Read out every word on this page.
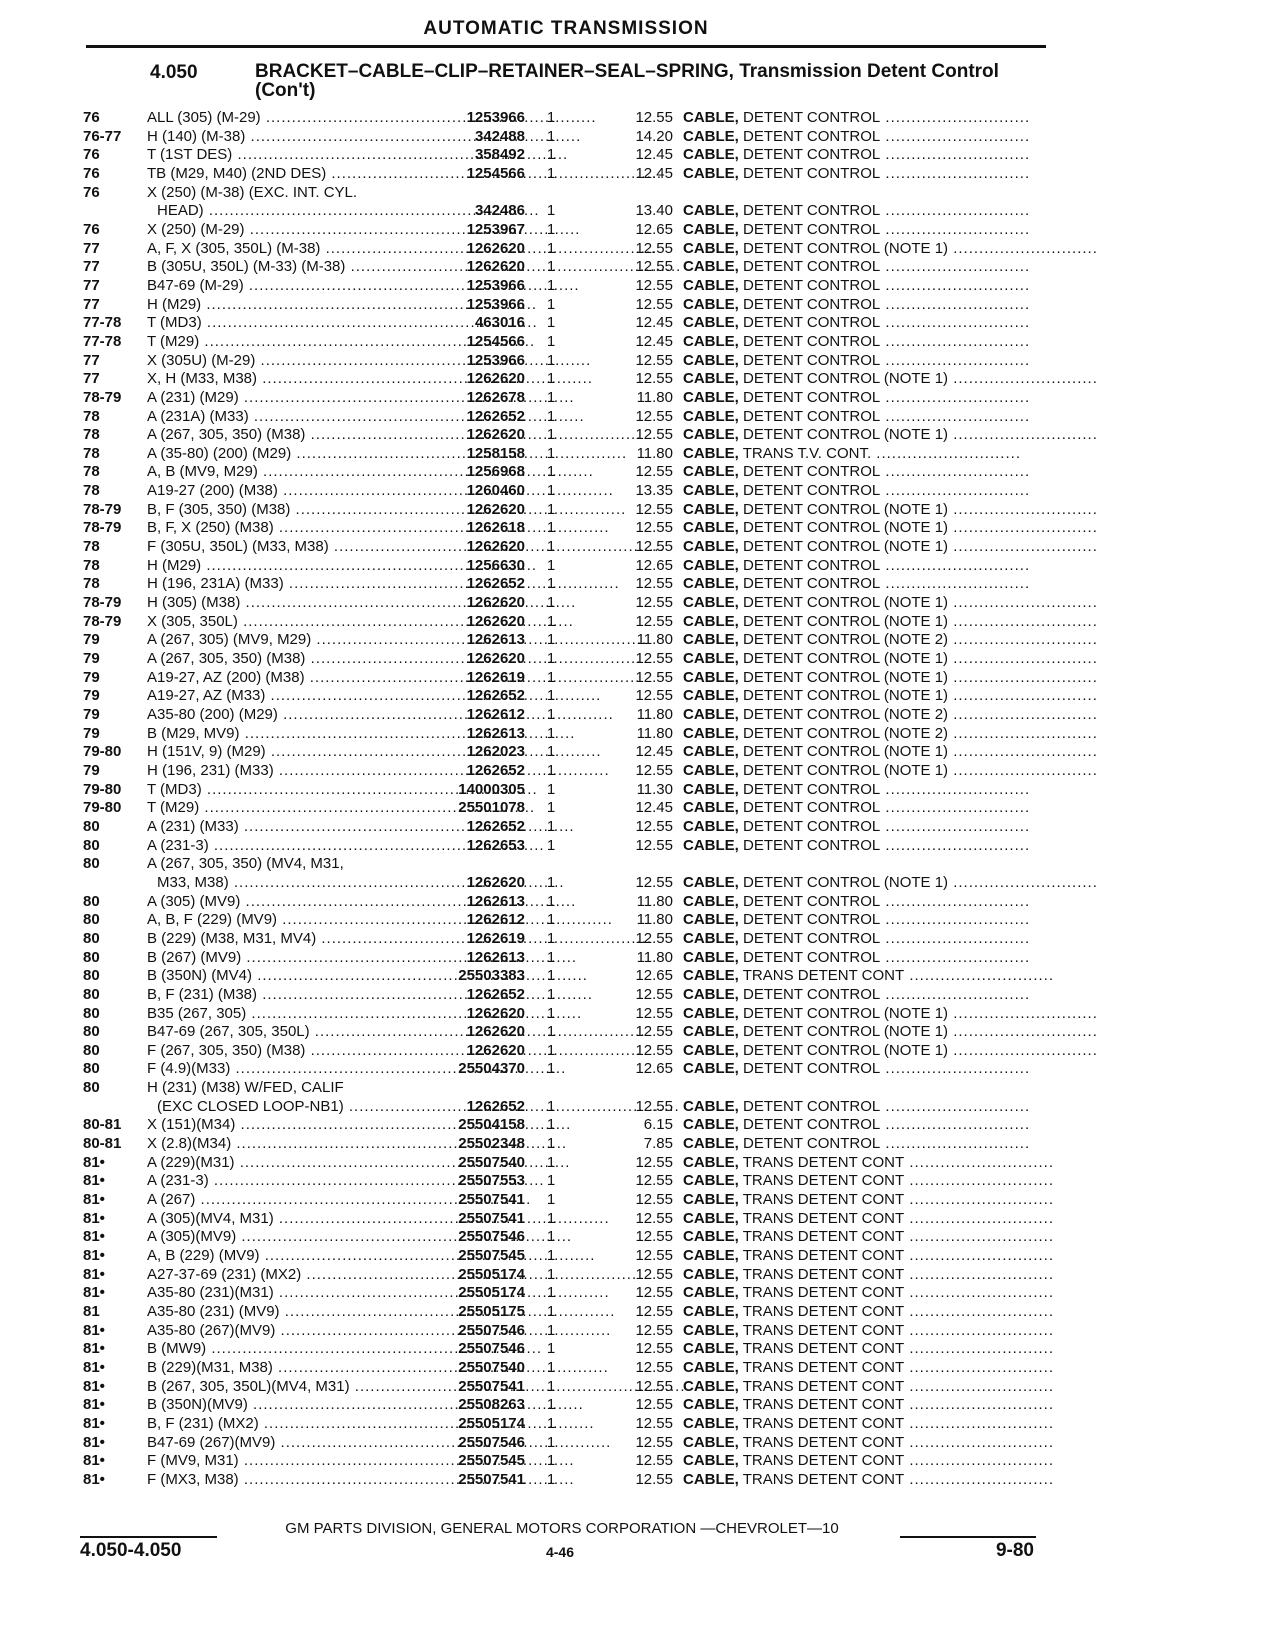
AUTOMATIC TRANSMISSION
4.050	BRACKET–CABLE–CLIP–RETAINER–SEAL–SPRING, Transmission Detent Control (Con't)
76	ALL (305) (M-29) .....	1253966	1	12.55 CABLE, DETENT CONTROL ............................
76-77	H (140) (M-38) .....	342488	1	14.20 CABLE, DETENT CONTROL ............................
76	T (1ST DES) .....	358492	1	12.45 CABLE, DETENT CONTROL ............................
76	TB (M29, M40) (2ND DES) .....	1254566	1	12.45 CABLE, DETENT CONTROL ............................
76	X (250) (M-38) (EXC. INT. CYL.
HEAD) .....	342486	1	13.40 CABLE, DETENT CONTROL ............................
76	X (250) (M-29) .....	1253967	1	12.65 CABLE, DETENT CONTROL ............................
77	A, F, X (305, 350L) (M-38) .....	1262620	1	12.55 CABLE, DETENT CONTROL (NOTE 1) ............................
77	B (305U, 350L) (M-33) (M-38) .....	1262620	1	12.55 CABLE, DETENT CONTROL ............................
77	B47-69 (M-29) .....	1253966	1	12.55 CABLE, DETENT CONTROL ............................
77	H (M29) .....	1253966	1	12.55 CABLE, DETENT CONTROL ............................
77-78	T (MD3) .....	463016	1	12.45 CABLE, DETENT CONTROL ............................
77-78	T (M29) .....	1254566	1	12.45 CABLE, DETENT CONTROL ............................
77	X (305U) (M-29) .....	1253966	1	12.55 CABLE, DETENT CONTROL ............................
77	X, H (M33, M38) .....	1262620	1	12.55 CABLE, DETENT CONTROL (NOTE 1) ............................
78-79	A (231) (M29) .....	1262678	1	11.80 CABLE, DETENT CONTROL ............................
78	A (231A) (M33) .....	1262652	1	12.55 CABLE, DETENT CONTROL ............................
78	A (267, 305, 350) (M38) .....	1262620	1	12.55 CABLE, DETENT CONTROL (NOTE 1) ............................
78	A (35-80) (200) (M29) .....	1258158	1	11.80 CABLE, TRANS T.V. CONT. ............................
78	A, B (MV9, M29) .....	1256968	1	12.55 CABLE, DETENT CONTROL ............................
78	A19-27 (200) (M38) .....	1260460	1	13.35 CABLE, DETENT CONTROL ............................
78-79	B, F (305, 350) (M38) .....	1262620	1	12.55 CABLE, DETENT CONTROL (NOTE 1) ............................
78-79	B, F, X (250) (M38) .....	1262618	1	12.55 CABLE, DETENT CONTROL (NOTE 1) ............................
78	F (305U, 350L) (M33, M38) .....	1262620	1	12.55 CABLE, DETENT CONTROL (NOTE 1) ............................
78	H (M29) .....	1256630	1	12.65 CABLE, DETENT CONTROL ............................
78	H (196, 231A) (M33) .....	1262652	1	12.55 CABLE, DETENT CONTROL ............................
78-79	H (305) (M38) .....	1262620	1	12.55 CABLE, DETENT CONTROL (NOTE 1) ............................
78-79	X (305, 350L) .....	1262620	1	12.55 CABLE, DETENT CONTROL (NOTE 1) ............................
79	A (267, 305) (MV9, M29) .....	1262613	1	11.80 CABLE, DETENT CONTROL (NOTE 2) ............................
79	A (267, 305, 350) (M38) .....	1262620	1	12.55 CABLE, DETENT CONTROL (NOTE 1) ............................
79	A19-27, AZ (200) (M38) .....	1262619	1	12.55 CABLE, DETENT CONTROL (NOTE 1) ............................
79	A19-27, AZ (M33) .....	1262652	1	12.55 CABLE, DETENT CONTROL (NOTE 1) ............................
79	A35-80 (200) (M29) .....	1262612	1	11.80 CABLE, DETENT CONTROL (NOTE 2) ............................
79	B (M29, MV9) .....	1262613	1	11.80 CABLE, DETENT CONTROL (NOTE 2) ............................
79-80	H (151V, 9) (M29) .....	1262023	1	12.45 CABLE, DETENT CONTROL (NOTE 1) ............................
79	H (196, 231) (M33) .....	1262652	1	12.55 CABLE, DETENT CONTROL (NOTE 1) ............................
79-80	T (MD3) .....	14000305	1	11.30 CABLE, DETENT CONTROL ............................
79-80	T (M29) .....	25501078	1	12.45 CABLE, DETENT CONTROL ............................
80	A (231) (M33) .....	1262652	1	12.55 CABLE, DETENT CONTROL ............................
80	A (231-3) .....	1262653	1	12.55 CABLE, DETENT CONTROL ............................
80	A (267, 305, 350) (MV4, M31,
M33, M38) .....	1262620	1	12.55 CABLE, DETENT CONTROL (NOTE 1) ............................
80	A (305) (MV9) .....	1262613	1	11.80 CABLE, DETENT CONTROL ............................
80	A, B, F (229) (MV9) .....	1262612	1	11.80 CABLE, DETENT CONTROL ............................
80	B (229) (M38, M31, MV4) .....	1262619	1	12.55 CABLE, DETENT CONTROL ............................
80	B (267) (MV9) .....	1262613	1	11.80 CABLE, DETENT CONTROL ............................
80	B (350N) (MV4) .....	25503383	1	12.65 CABLE, TRANS DETENT CONT ............................
80	B, F (231) (M38) .....	1262652	1	12.55 CABLE, DETENT CONTROL ............................
80	B35 (267, 305) .....	1262620	1	12.55 CABLE, DETENT CONTROL (NOTE 1) ............................
80	B47-69 (267, 305, 350L) .....	1262620	1	12.55 CABLE, DETENT CONTROL (NOTE 1) ............................
80	F (267, 305, 350) (M38) .....	1262620	1	12.55 CABLE, DETENT CONTROL (NOTE 1) ............................
80	F (4.9)(M33) .....	25504370	1	12.65 CABLE, DETENT CONTROL ............................
80	H (231) (M38) W/FED, CALIF
(EXC CLOSED LOOP-NB1) .....	1262652	1	12.55 CABLE, DETENT CONTROL ............................
80-81	X (151)(M34) .....	25504158	1	6.15 CABLE, DETENT CONTROL ............................
80-81	X (2.8)(M34) .....	25502348	1	7.85 CABLE, DETENT CONTROL ............................
81•	A (229)(M31) .....	25507540	1	12.55 CABLE, TRANS DETENT CONT ............................
81•	A (231-3) .....	25507553	1	12.55 CABLE, TRANS DETENT CONT ............................
81•	A (267) .....	25507541	1	12.55 CABLE, TRANS DETENT CONT ............................
81•	A (305)(MV4, M31) .....	25507541	1	12.55 CABLE, TRANS DETENT CONT ............................
81•	A (305)(MV9) .....	25507546	1	12.55 CABLE, TRANS DETENT CONT ............................
81•	A, B (229) (MV9) .....	25507545	1	12.55 CABLE, TRANS DETENT CONT ............................
81•	A27-37-69 (231) (MX2) .....	25505174	1	12.55 CABLE, TRANS DETENT CONT ............................
81•	A35-80 (231)(M31) .....	25505174	1	12.55 CABLE, TRANS DETENT CONT ............................
81	A35-80 (231) (MV9) .....	25505175	1	12.55 CABLE, TRANS DETENT CONT ............................
81•	A35-80 (267)(MV9) .....	25507546	1	12.55 CABLE, TRANS DETENT CONT ............................
81•	B (MW9) .....	25507546	1	12.55 CABLE, TRANS DETENT CONT ............................
81•	B (229)(M31, M38) .....	25507540	1	12.55 CABLE, TRANS DETENT CONT ............................
81•	B (267, 305, 350L)(MV4, M31) .....	25507541	1	12.55 CABLE, TRANS DETENT CONT ............................
81•	B (350N)(MV9) .....	25508263	1	12.55 CABLE, TRANS DETENT CONT ............................
81•	B, F (231) (MX2) .....	25505174	1	12.55 CABLE, TRANS DETENT CONT ............................
81•	B47-69 (267)(MV9) .....	25507546	1	12.55 CABLE, TRANS DETENT CONT ............................
81•	F (MV9, M31) .....	25507545	1	12.55 CABLE, TRANS DETENT CONT ............................
81•	F (MX3, M38) .....	25507541	1	12.55 CABLE, TRANS DETENT CONT ............................
GM PARTS DIVISION, GENERAL MOTORS CORPORATION —CHEVROLET—10
4.050-4.050	4-46	9-80
